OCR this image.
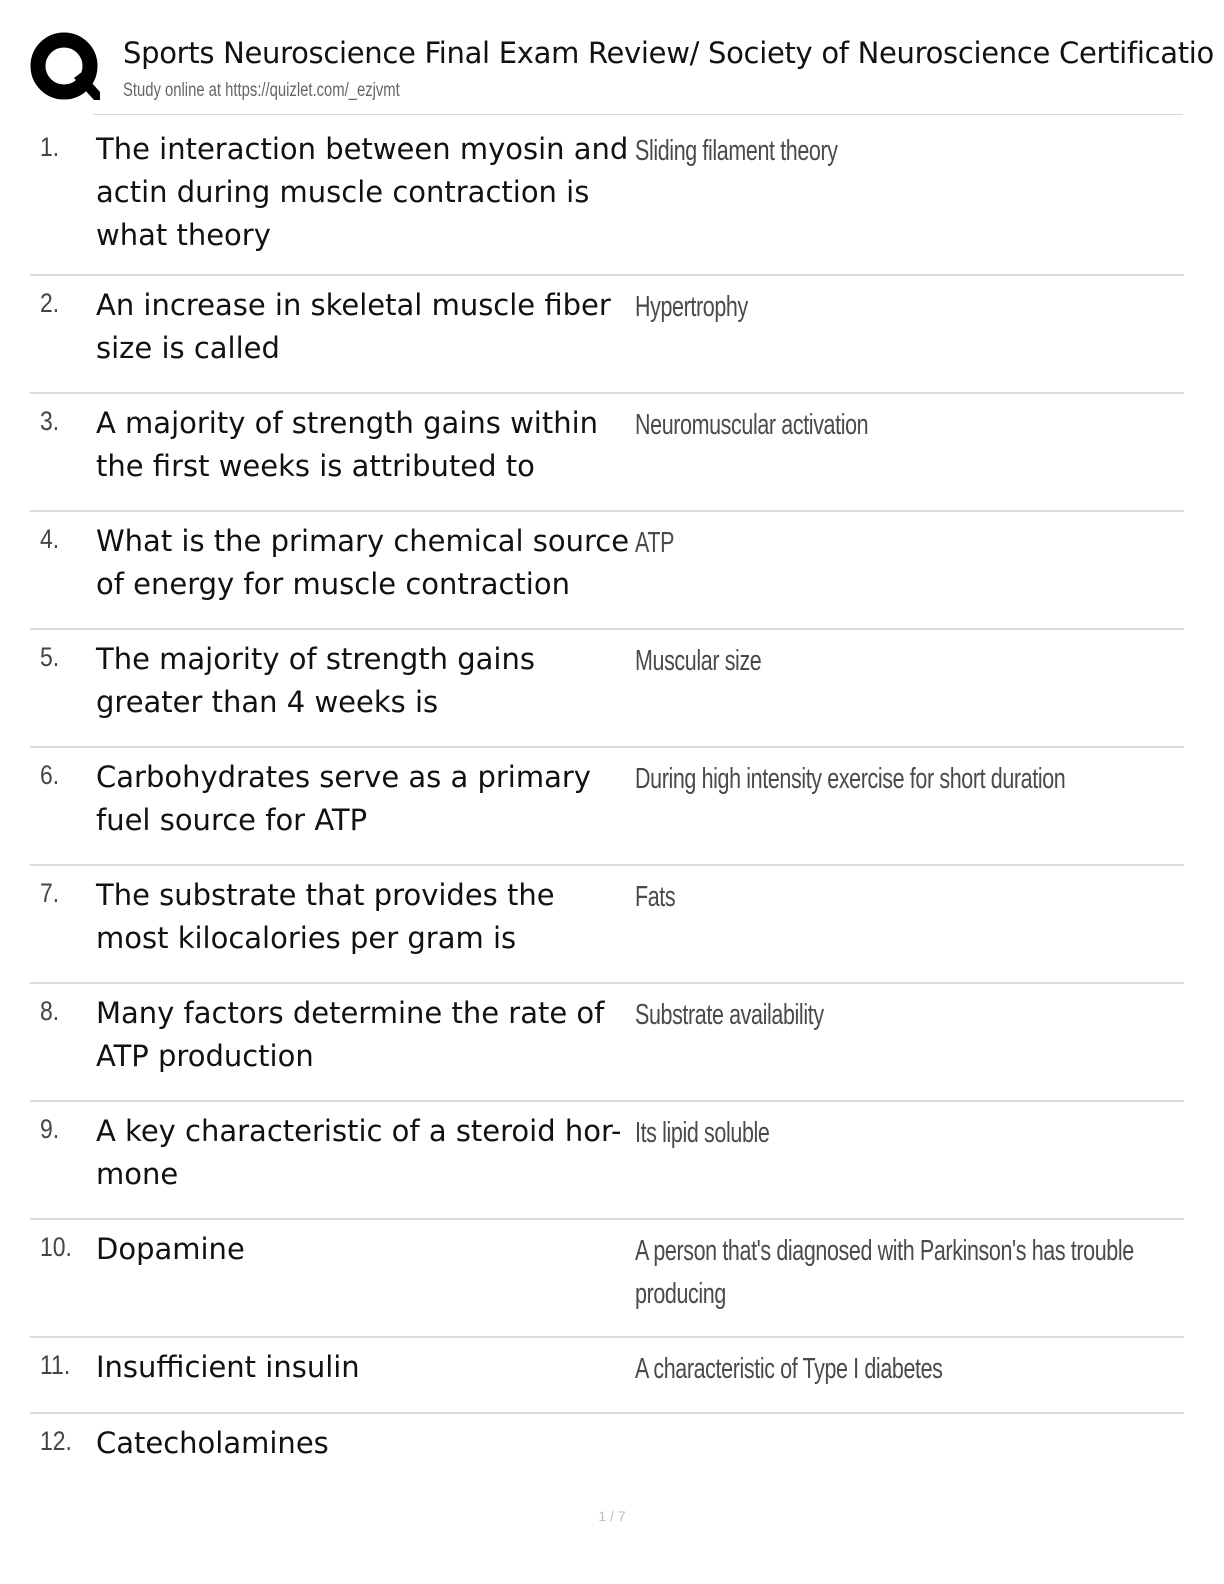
Sports Neuroscience Final Exam Review/ Society of Neuroscience Certificatio
Study online at https://quizlet.com/_ezjvmt
1. The interaction between myosin and actin during muscle contraction is what theory
Sliding filament theory
2. An increase in skeletal muscle fiber size is called
Hypertrophy
3. A majority of strength gains within the first weeks is attributed to
Neuromuscular activation
4. What is the primary chemical source of energy for muscle contraction
ATP
5. The majority of strength gains greater than 4 weeks is
Muscular size
6. Carbohydrates serve as a primary fuel source for ATP
During high intensity exercise for short duration
7. The substrate that provides the most kilocalories per gram is
Fats
8. Many factors determine the rate of ATP production
Substrate availability
9. A key characteristic of a steroid hor- mone
Its lipid soluble
10. Dopamine	A person that's diagnosed with Parkinson's has trouble producing
11. Insufficient insulin	A characteristic of Type I diabetes
12. Catecholamines
1 / 7
